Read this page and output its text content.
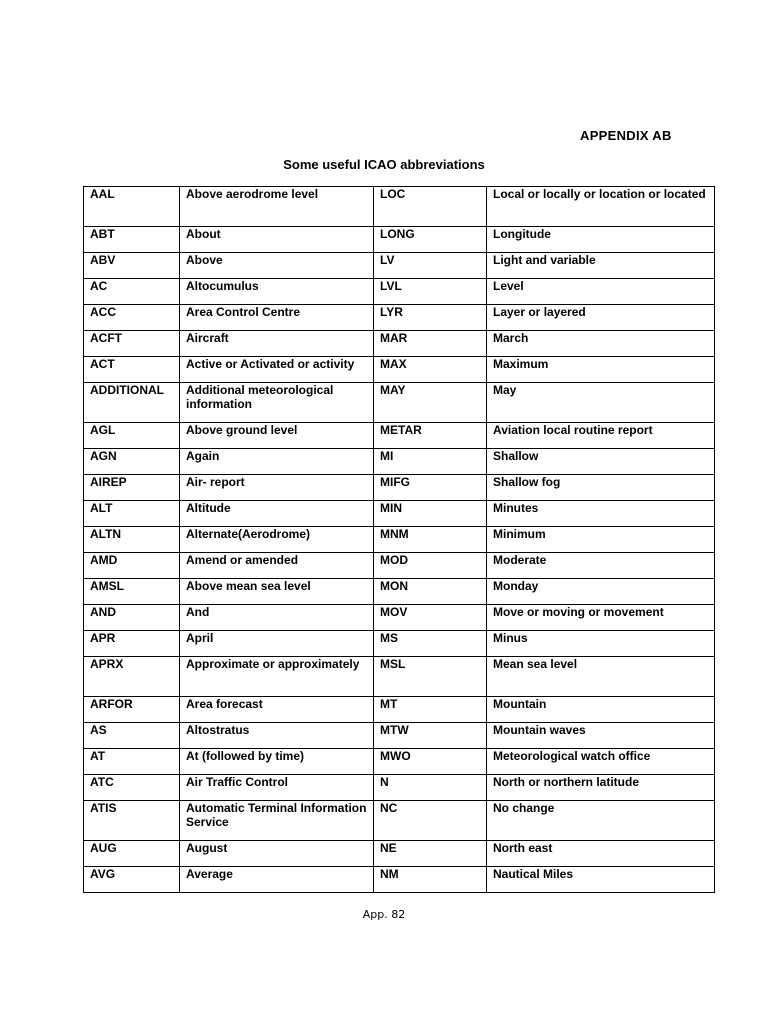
APPENDIX AB
Some useful ICAO abbreviations
AAL	Above aerodrome level	LOC	Local or locally or location or located

ABT	About	LONG	Longitude

ABV	Above	LV	Light and variable

AC	Altocumulus	LVL	Level

ACC	Area Control Centre	LYR	Layer or layered

ACFT	Aircraft	MAR	March

ACT	Active or Activated or activity	MAX	Maximum

ADDITIONAL	Additional meteorological information	MAY	May

AGL	Above ground level	METAR	Aviation local routine report

AGN	Again	MI	Shallow

AIREP	Air- report	MIFG	Shallow fog

ALT	Altitude	MIN	Minutes

ALTN	Alternate(Aerodrome)	MNM	Minimum

AMD	Amend or amended	MOD	Moderate

AMSL	Above mean sea level	MON	Monday

AND	And	MOV	Move or moving or movement

APR	April	MS	Minus

APRX	Approximate or approximately	MSL	Mean sea level

ARFOR	Area forecast	MT	Mountain

AS	Altostratus	MTW	Mountain waves

AT	At (followed by time)	MWO	Meteorological watch office

ATC	Air Traffic Control	N	North or northern latitude

ATIS	Automatic Terminal Information Service	NC	No change

AUG	August	NE	North east

AVG	Average	NM	Nautical Miles
App. 82
